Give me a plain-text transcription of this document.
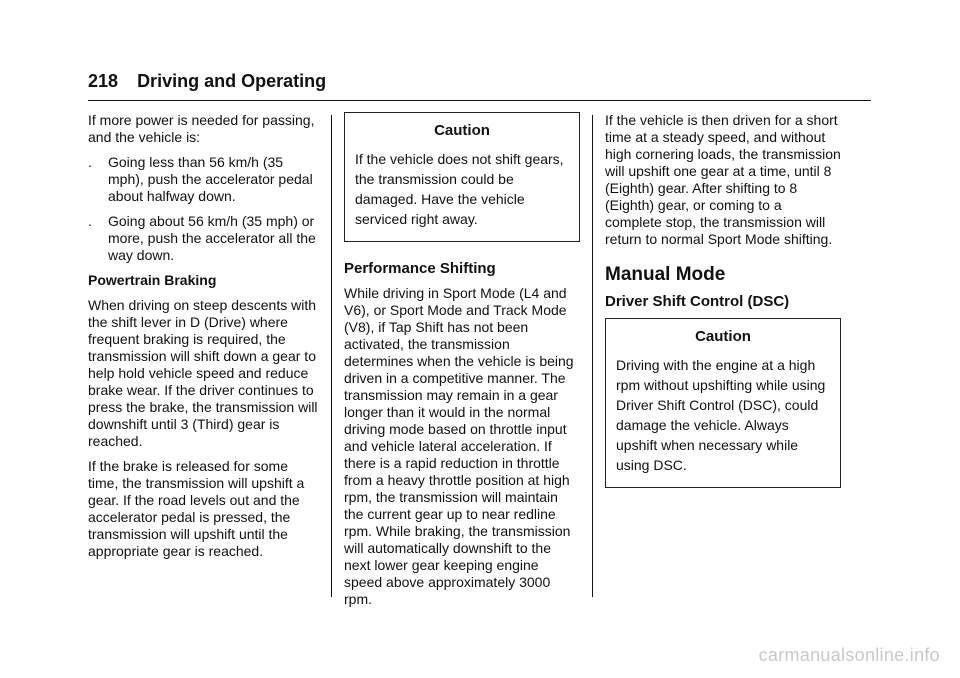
218 Driving and Operating

If more power is needed for passing, and the vehicle is:

.	Going less than 56 km/h (35 mph), push the accelerator pedal about halfway down.
.	Going about 56 km/h (35 mph) or more, push the accelerator all the way down.

Powertrain Braking

When driving on steep descents with the shift lever in D (Drive) where frequent braking is required, the transmission will shift down a gear to help hold vehicle speed and reduce brake wear. If the driver continues to press the brake, the transmission will downshift until 3 (Third) gear is reached.

If the brake is released for some time, the transmission will upshift a gear. If the road levels out and the accelerator pedal is pressed, the transmission will upshift until the appropriate gear is reached.

Caution

If the vehicle does not shift gears, the transmission could be damaged. Have the vehicle serviced right away.

Performance Shifting

While driving in Sport Mode (L4 and V6), or Sport Mode and Track Mode (V8), if Tap Shift has not been activated, the transmission determines when the vehicle is being driven in a competitive manner. The transmission may remain in a gear longer than it would in the normal driving mode based on throttle input and vehicle lateral acceleration. If there is a rapid reduction in throttle from a heavy throttle position at high rpm, the transmission will maintain the current gear up to near redline rpm. While braking, the transmission will automatically downshift to the next lower gear keeping engine speed above approximately 3000 rpm.

If the vehicle is then driven for a short time at a steady speed, and without high cornering loads, the transmission will upshift one gear at a time, until 8 (Eighth) gear. After shifting to 8 (Eighth) gear, or coming to a complete stop, the transmission will return to normal Sport Mode shifting.

Manual Mode
Driver Shift Control (DSC)
Caution

Driving with the engine at a high rpm without upshifting while using Driver Shift Control (DSC), could damage the vehicle. Always upshift when necessary while using DSC.

carmanualsonline.info
